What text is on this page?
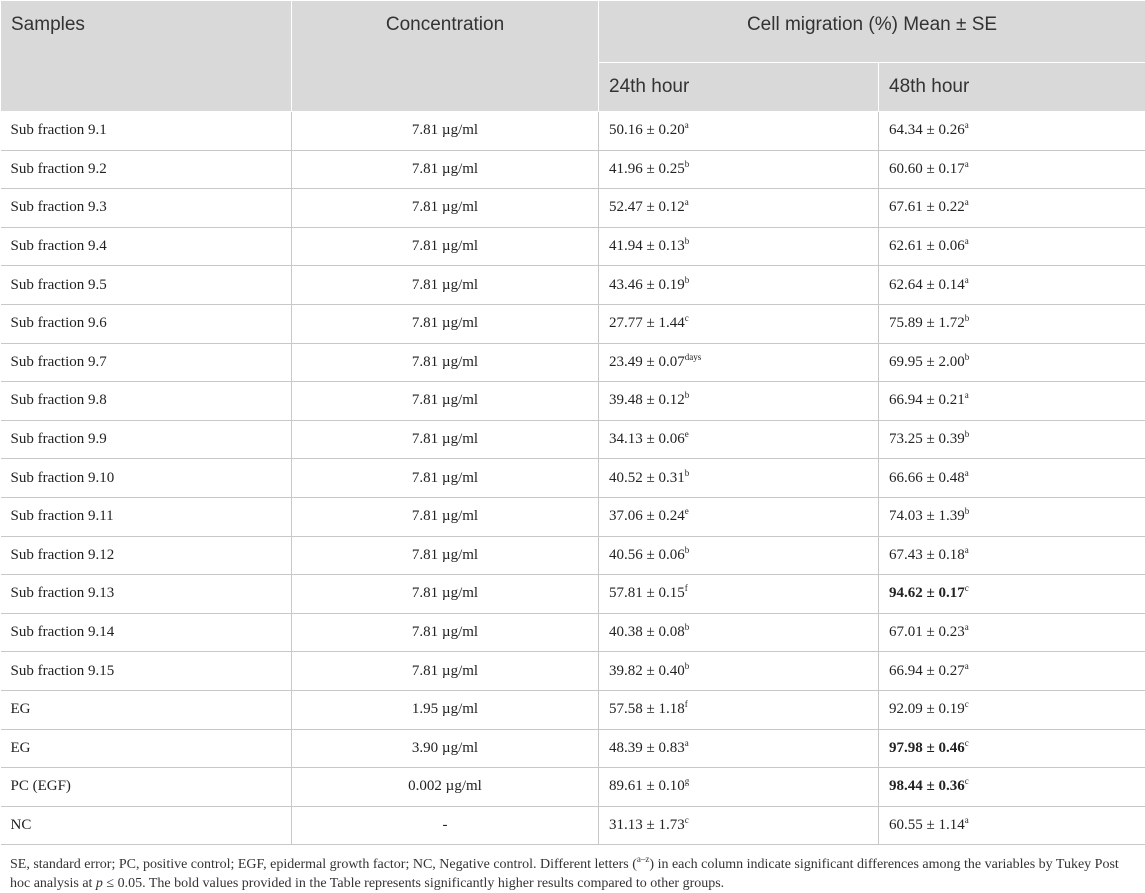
Samples	Concentration	Cell migration (%) Mean ± SE	
		24th hour	48th hour
Sub fraction 9.1	7.81 µg/ml	50.16 ± 0.20$^a$	64.34 ± 0.26$^a$
Sub fraction 9.2	7.81 µg/ml	41.96 ± 0.25$^b$	60.60 ± 0.17$^a$
Sub fraction 9.3	7.81 µg/ml	52.47 ± 0.12$^a$	67.61 ± 0.22$^a$
Sub fraction 9.4	7.81 µg/ml	41.94 ± 0.13$^b$	62.61 ± 0.06$^a$
Sub fraction 9.5	7.81 µg/ml	43.46 ± 0.19$^b$	62.64 ± 0.14$^a$
Sub fraction 9.6	7.81 µg/ml	27.77 ± 1.44$^c$	75.89 ± 1.72$^b$
Sub fraction 9.7	7.81 µg/ml	$23.49 \pm 0.07^{days}$	69.95 ± 2.00$^b$
Sub fraction 9.8	7.81 µg/ml	39.48 ± 0.12$^b$	66.94 ± 0.21$^a$
Sub fraction 9.9	7.81 µg/ml	34.13 ± 0.06$^e$	73.25 ± 0.39$^b$
Sub fraction 9.10	7.81 µg/ml	40.52 ± 0.31$^b$	66.66 ± 0.48$^a$
Sub fraction 9.11	7.81 µg/ml	37.06 ± 0.24$^e$	74.03 ± 1.39$^b$
Sub fraction 9.12	7.81 µg/ml	40.56 ± 0.06$^b$	67.43 ± 0.18$^a$
Sub fraction 9.13	7.81 µg/ml	57.81 ± 0.15$^f$	94.62 ± 0.17$^c$
Sub fraction 9.14	7.81 µg/ml	40.38 ± 0.08$^b$	67.01 ± 0.23$^a$
Sub fraction 9.15	7.81 µg/ml	39.82 ± 0.40$^b$	66.94 ± 0.27$^a$
EG	1.95 µg/ml	57.58 ± 1.18$^f$	92.09 ± 0.19$^c$
EG	3.90 µg/ml	48.39 ± 0.83$^a$	97.98 ± 0.46$^c$
PC (EGF)	0.002 µg/ml	89.61 ± 0.10$^g$	98.44 ± 0.36$^c$
NC	-	31.13 ± 1.73$^c$	60.55 ± 1.14$^a$
SE, standard error; PC, positive control; EGF, epidermal growth factor; NC, Negative control. Different letters ($^{a-z}$) in each column indicate significant differences among the variables by Tukey Post hoc analysis at p ≤ 0.05. The bold values provided in the Table represents significantly higher results compared to other groups.
